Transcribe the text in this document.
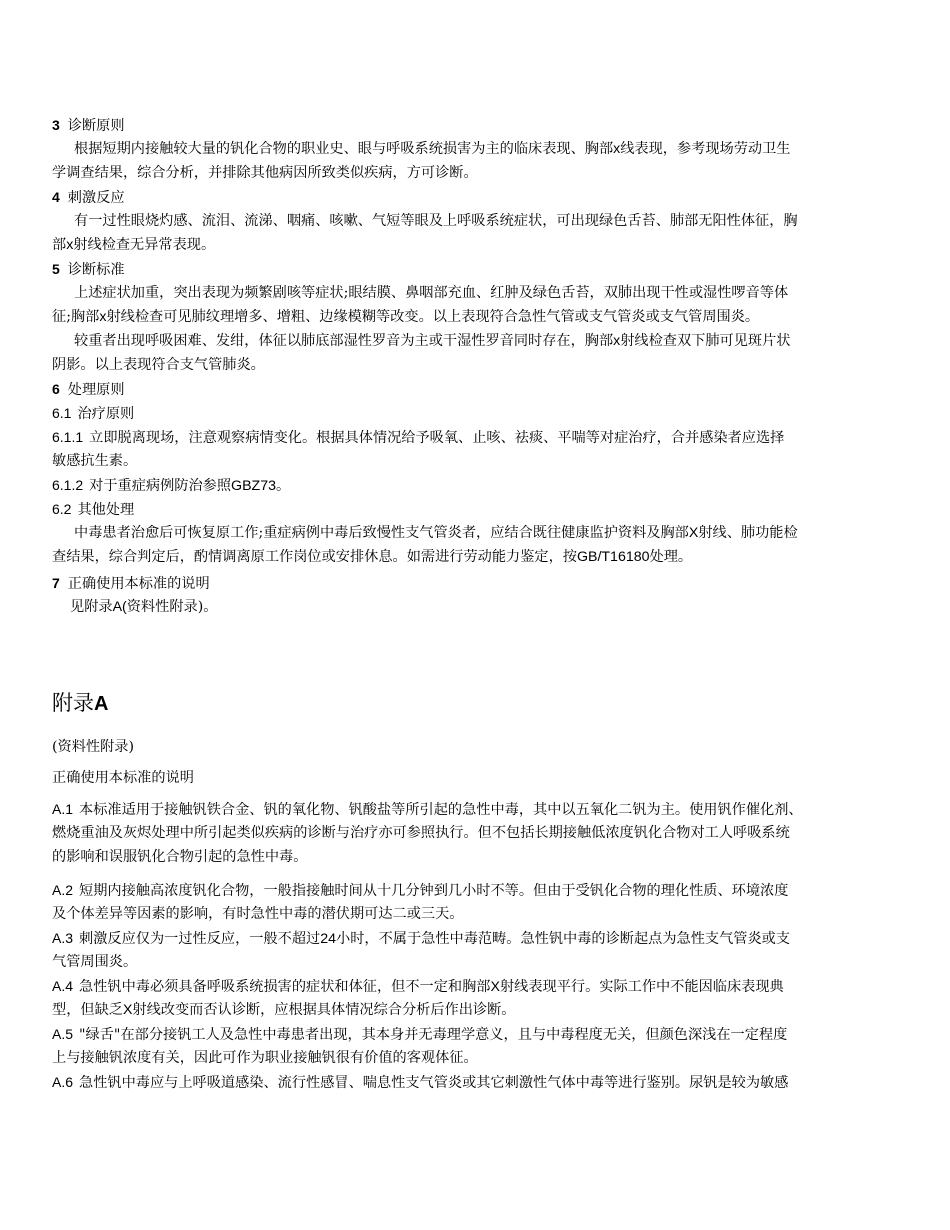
3 诊断原则

根据短期内接触较大量的钒化合物的职业史、眼与呼吸系统损害为主的临床表现、胸部x线表现，参考现场劳动卫生

学调查结果，综合分析，并排除其他病因所致类似疾病，方可诊断。

4 刺激反应

有一过性眼烧灼感、流泪、流涕、咽痛、咳嗽、气短等眼及上呼吸系统症状，可出现绿色舌苔、肺部无阳性体征，胸

部x射线检查无异常表现。

5 诊断标准

上述症状加重，突出表现为频繁剧咳等症状;眼结膜、鼻咽部充血、红肿及绿色舌苔，双肺出现干性或湿性啰音等体

征;胸部x射线检查可见肺纹理增多、增粗、边缘模糊等改变。以上表现符合急性气管或支气管炎或支气管周围炎。

较重者出现呼吸困难、发绀，体征以肺底部湿性罗音为主或干湿性罗音同时存在，胸部x射线检查双下肺可见斑片状

阴影。以上表现符合支气管肺炎。

6 处理原则

6.1 治疗原则

6.1.1 立即脱离现场，注意观察病情变化。根据具体情况给予吸氧、止咳、祛痰、平喘等对症治疗，合并感染者应选择

敏感抗生素。

6.1.2 对于重症病例防治参照GBZ73。

6.2 其他处理

中毒患者治愈后可恢复原工作;重症病例中毒后致慢性支气管炎者，应结合既往健康监护资料及胸部X射线、肺功能检

查结果，综合判定后，酌情调离原工作岗位或安排休息。如需进行劳动能力鉴定，按GB/T16180处理。

7 正确使用本标准的说明

见附录A(资料性附录)。

附录A

(资料性附录)

正确使用本标准的说明

A.1 本标准适用于接触钒铁合金、钒的氧化物、钒酸盐等所引起的急性中毒，其中以五氧化二钒为主。使用钒作催化剂、

燃烧重油及灰烬处理中所引起类似疾病的诊断与治疗亦可参照执行。但不包括长期接触低浓度钒化合物对工人呼吸系统

的影响和误服钒化合物引起的急性中毒。

A.2 短期内接触高浓度钒化合物，一般指接触时间从十几分钟到几小时不等。但由于受钒化合物的理化性质、环境浓度

及个体差异等因素的影响，有时急性中毒的潜伏期可达二或三天。

A.3 刺激反应仅为一过性反应，一般不超过24小时，不属于急性中毒范畴。急性钒中毒的诊断起点为急性支气管炎或支

气管周围炎。

A.4 急性钒中毒必须具备呼吸系统损害的症状和体征，但不一定和胸部X射线表现平行。实际工作中不能因临床表现典

型，但缺乏X射线改变而否认诊断，应根据具体情况综合分析后作出诊断。

A.5 "绿舌"在部分接钒工人及急性中毒患者出现，其本身并无毒理学意义，且与中毒程度无关，但颜色深浅在一定程度

上与接触钒浓度有关，因此可作为职业接触钒很有价值的客观体征。

A.6 急性钒中毒应与上呼吸道感染、流行性感冒、喘息性支气管炎或其它刺激性气体中毒等进行鉴别。尿钒是较为敏感
